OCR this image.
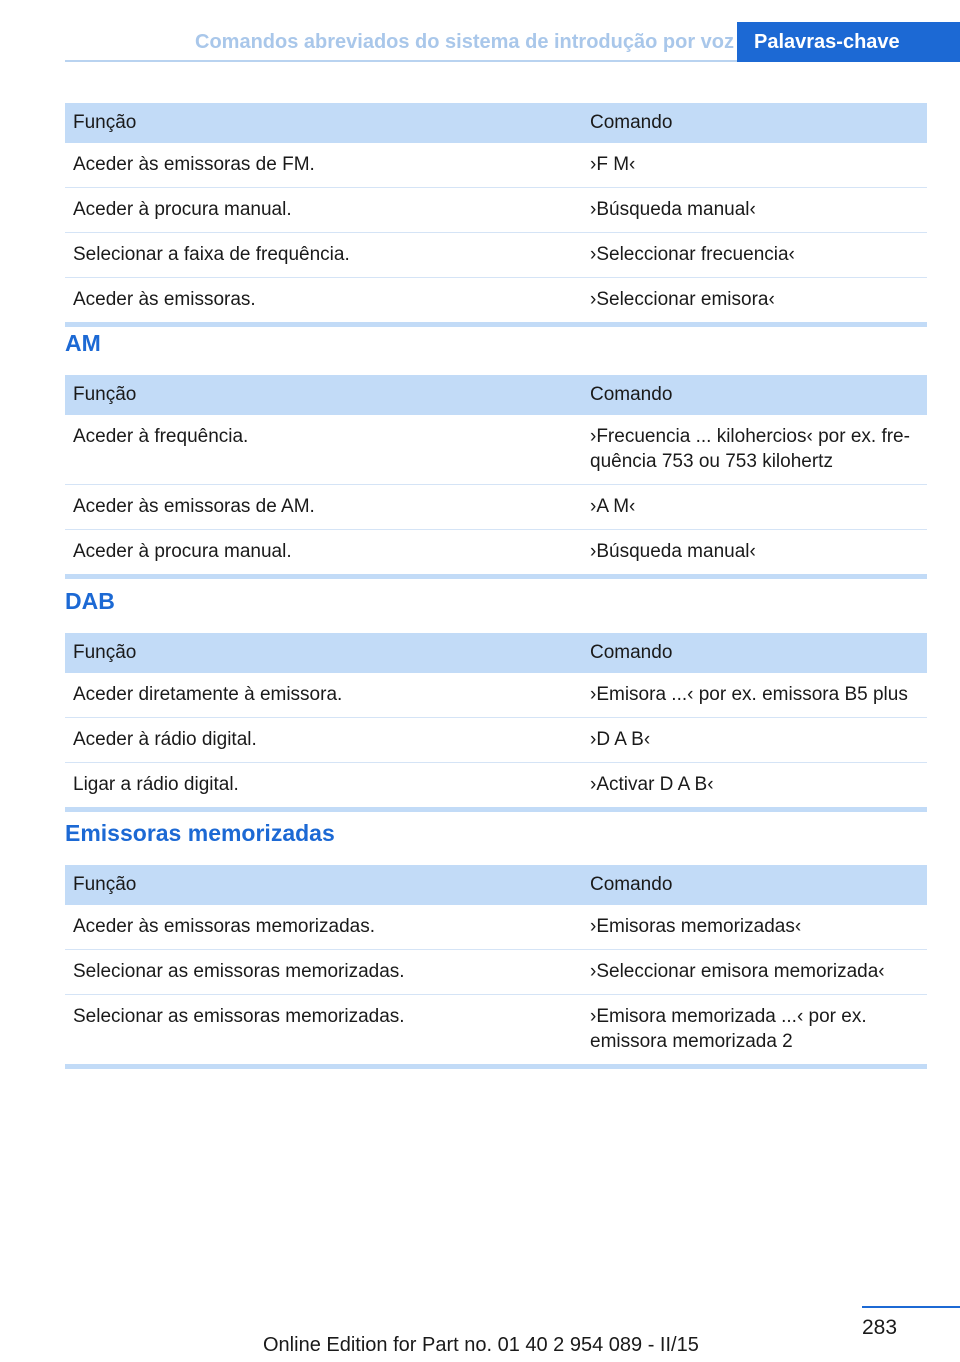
Comandos abreviados do sistema de introdução por voz	Palavras-chave
Função	Comando
Aceder às emissoras de FM.	›F M‹
Aceder à procura manual.	›Búsqueda manual‹
Selecionar a faixa de frequência.	›Seleccionar frecuencia‹
Aceder às emissoras.	›Seleccionar emisora‹
AM
Função	Comando
Aceder à frequência.	›Frecuencia ... kilohercios‹ por ex. fre-quência 753 ou 753 kilohertz
Aceder às emissoras de AM.	›A M‹
Aceder à procura manual.	›Búsqueda manual‹
DAB
Função	Comando
Aceder diretamente à emissora.	›Emisora ...‹ por ex. emissora B5 plus
Aceder à rádio digital.	›D A B‹
Ligar a rádio digital.	›Activar D A B‹
Emissoras memorizadas
Função	Comando
Aceder às emissoras memorizadas.	›Emisoras memorizadas‹
Selecionar as emissoras memorizadas.	›Seleccionar emisora memorizada‹
Selecionar as emissoras memorizadas.	›Emisora memorizada ...‹ por ex. emissora memorizada 2
283
Online Edition for Part no. 01 40 2 954 089 - II/15
